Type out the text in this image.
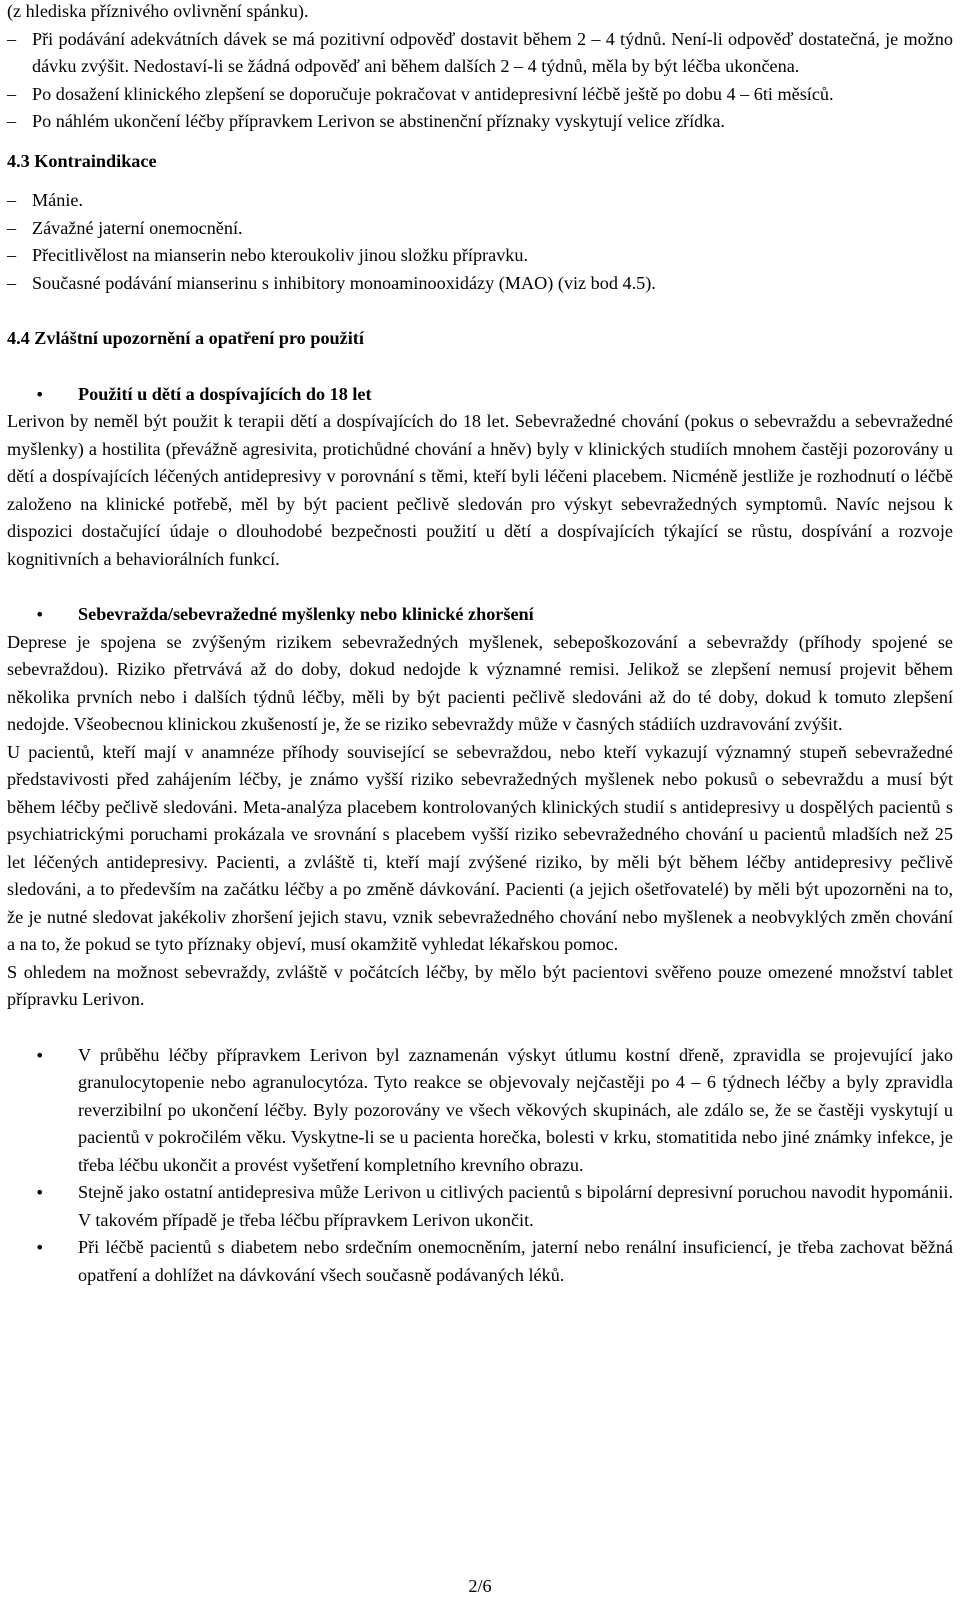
(z hlediska příznivého ovlivnění spánku).

– Při podávání adekvátních dávek se má pozitivní odpověď dostavit během 2 – 4 týdnů. Není-li odpověď dostatečná, je možno dávku zvýšit. Nedostaví-li se žádná odpověď ani během dalších 2 – 4 týdnů, měla by být léčba ukončena.
– Po dosažení klinického zlepšení se doporučuje pokračovat v antidepresivní léčbě ještě po dobu 4 – 6ti měsíců.
– Po náhlém ukončení léčby přípravkem Lerivon se abstinenční příznaky vyskytují velice zřídka.
4.3 Kontraindikace
– Mánie.
– Závažné jaterní onemocnění.
– Přecitlivělost na mianserin nebo kteroukoliv jinou složku přípravku.
– Současné podávání mianserinu s inhibitory monoaminooxidázy (MAO) (viz bod 4.5).
4.4 Zvláštní upozornění a opatření pro použití
• Použití u dětí a dospívajících do 18 let

Lerivon by neměl být použit k terapii dětí a dospívajících do 18 let. Sebevražedné chování (pokus o sebevraždu a sebevražedné myšlenky) a hostilita (převážně agresivita, protichůdné chování a hněv) byly v klinických studiích mnohem častěji pozorovány u dětí a dospívajících léčených antidepresivy v porovnání s těmi, kteří byli léčeni placebem. Nicméně jestliže je rozhodnutí o léčbě založeno na klinické potřebě, měl by být pacient pečlivě sledován pro výskyt sebevražedných symptomů. Navíc nejsou k dispozici dostačující údaje o dlouhodobé bezpečnosti použití u dětí a dospívajících týkající se růstu, dospívání a rozvoje kognitivních a behaviorálních funkcí.

• Sebevražda/sebevražedné myšlenky nebo klinické zhoršení

Deprese je spojena se zvýšeným rizikem sebevražedných myšlenek, sebepoškozování a sebevraždy (příhody spojené se sebevraždou). Riziko přetrvává až do doby, dokud nedojde k významné remisi. Jelikož se zlepšení nemusí projevit během několika prvních nebo i dalších týdnů léčby, měli by být pacienti pečlivě sledováni až do té doby, dokud k tomuto zlepšení nedojde. Všeobecnou klinickou zkušeností je, že se riziko sebevraždy může v časných stádiích uzdravování zvýšit.

U pacientů, kteří mají v anamnéze příhody související se sebevraždou, nebo kteří vykazují významný stupeň sebevražedné představivosti před zahájením léčby, je známo vyšší riziko sebevražedných myšlenek nebo pokusů o sebevraždu a musí být během léčby pečlivě sledováni. Meta-analýza placebem kontrolovaných klinických studií s antidepresivy u dospělých pacientů s psychiatrickými poruchami prokázala ve srovnání s placebem vyšší riziko sebevražedného chování u pacientů mladších než 25 let léčených antidepresivy. Pacienti, a zvláště ti, kteří mají zvýšené riziko, by měli být během léčby antidepresivy pečlivě sledováni, a to především na začátku léčby a po změně dávkování. Pacienti (a jejich ošetřovatelé) by měli být upozorněni na to, že je nutné sledovat jakékoliv zhoršení jejich stavu, vznik sebevražedného chování nebo myšlenek a neobvyklých změn chování a na to, že pokud se tyto příznaky objeví, musí okamžitě vyhledat lékařskou pomoc.

S ohledem na možnost sebevraždy, zvláště v počátcích léčby, by mělo být pacientovi svěřeno pouze omezené množství tablet přípravku Lerivon.

• V průběhu léčby přípravkem Lerivon byl zaznamenán výskyt útlumu kostní dřeně, zpravidla se projevující jako granulocytopenie nebo agranulocytóza. Tyto reakce se objevovaly nejčastěji po 4 – 6 týdnech léčby a byly zpravidla reverzibilní po ukončení léčby. Byly pozorovány ve všech věkových skupinách, ale zdálo se, že se častěji vyskytují u pacientů v pokročilém věku. Vyskytne-li se u pacienta horečka, bolesti v krku, stomatitida nebo jiné známky infekce, je třeba léčbu ukončit a provést vyšetření kompletního krevního obrazu.
• Stejně jako ostatní antidepresiva může Lerivon u citlivých pacientů s bipolární depresivní poruchou navodit hypománii. V takovém případě je třeba léčbu přípravkem Lerivon ukončit.
• Při léčbě pacientů s diabetem nebo srdečním onemocněním, jaterní nebo renální insuficiencí, je třeba zachovat běžná opatření a dohlížet na dávkování všech současně podávaných léků.
2/6
